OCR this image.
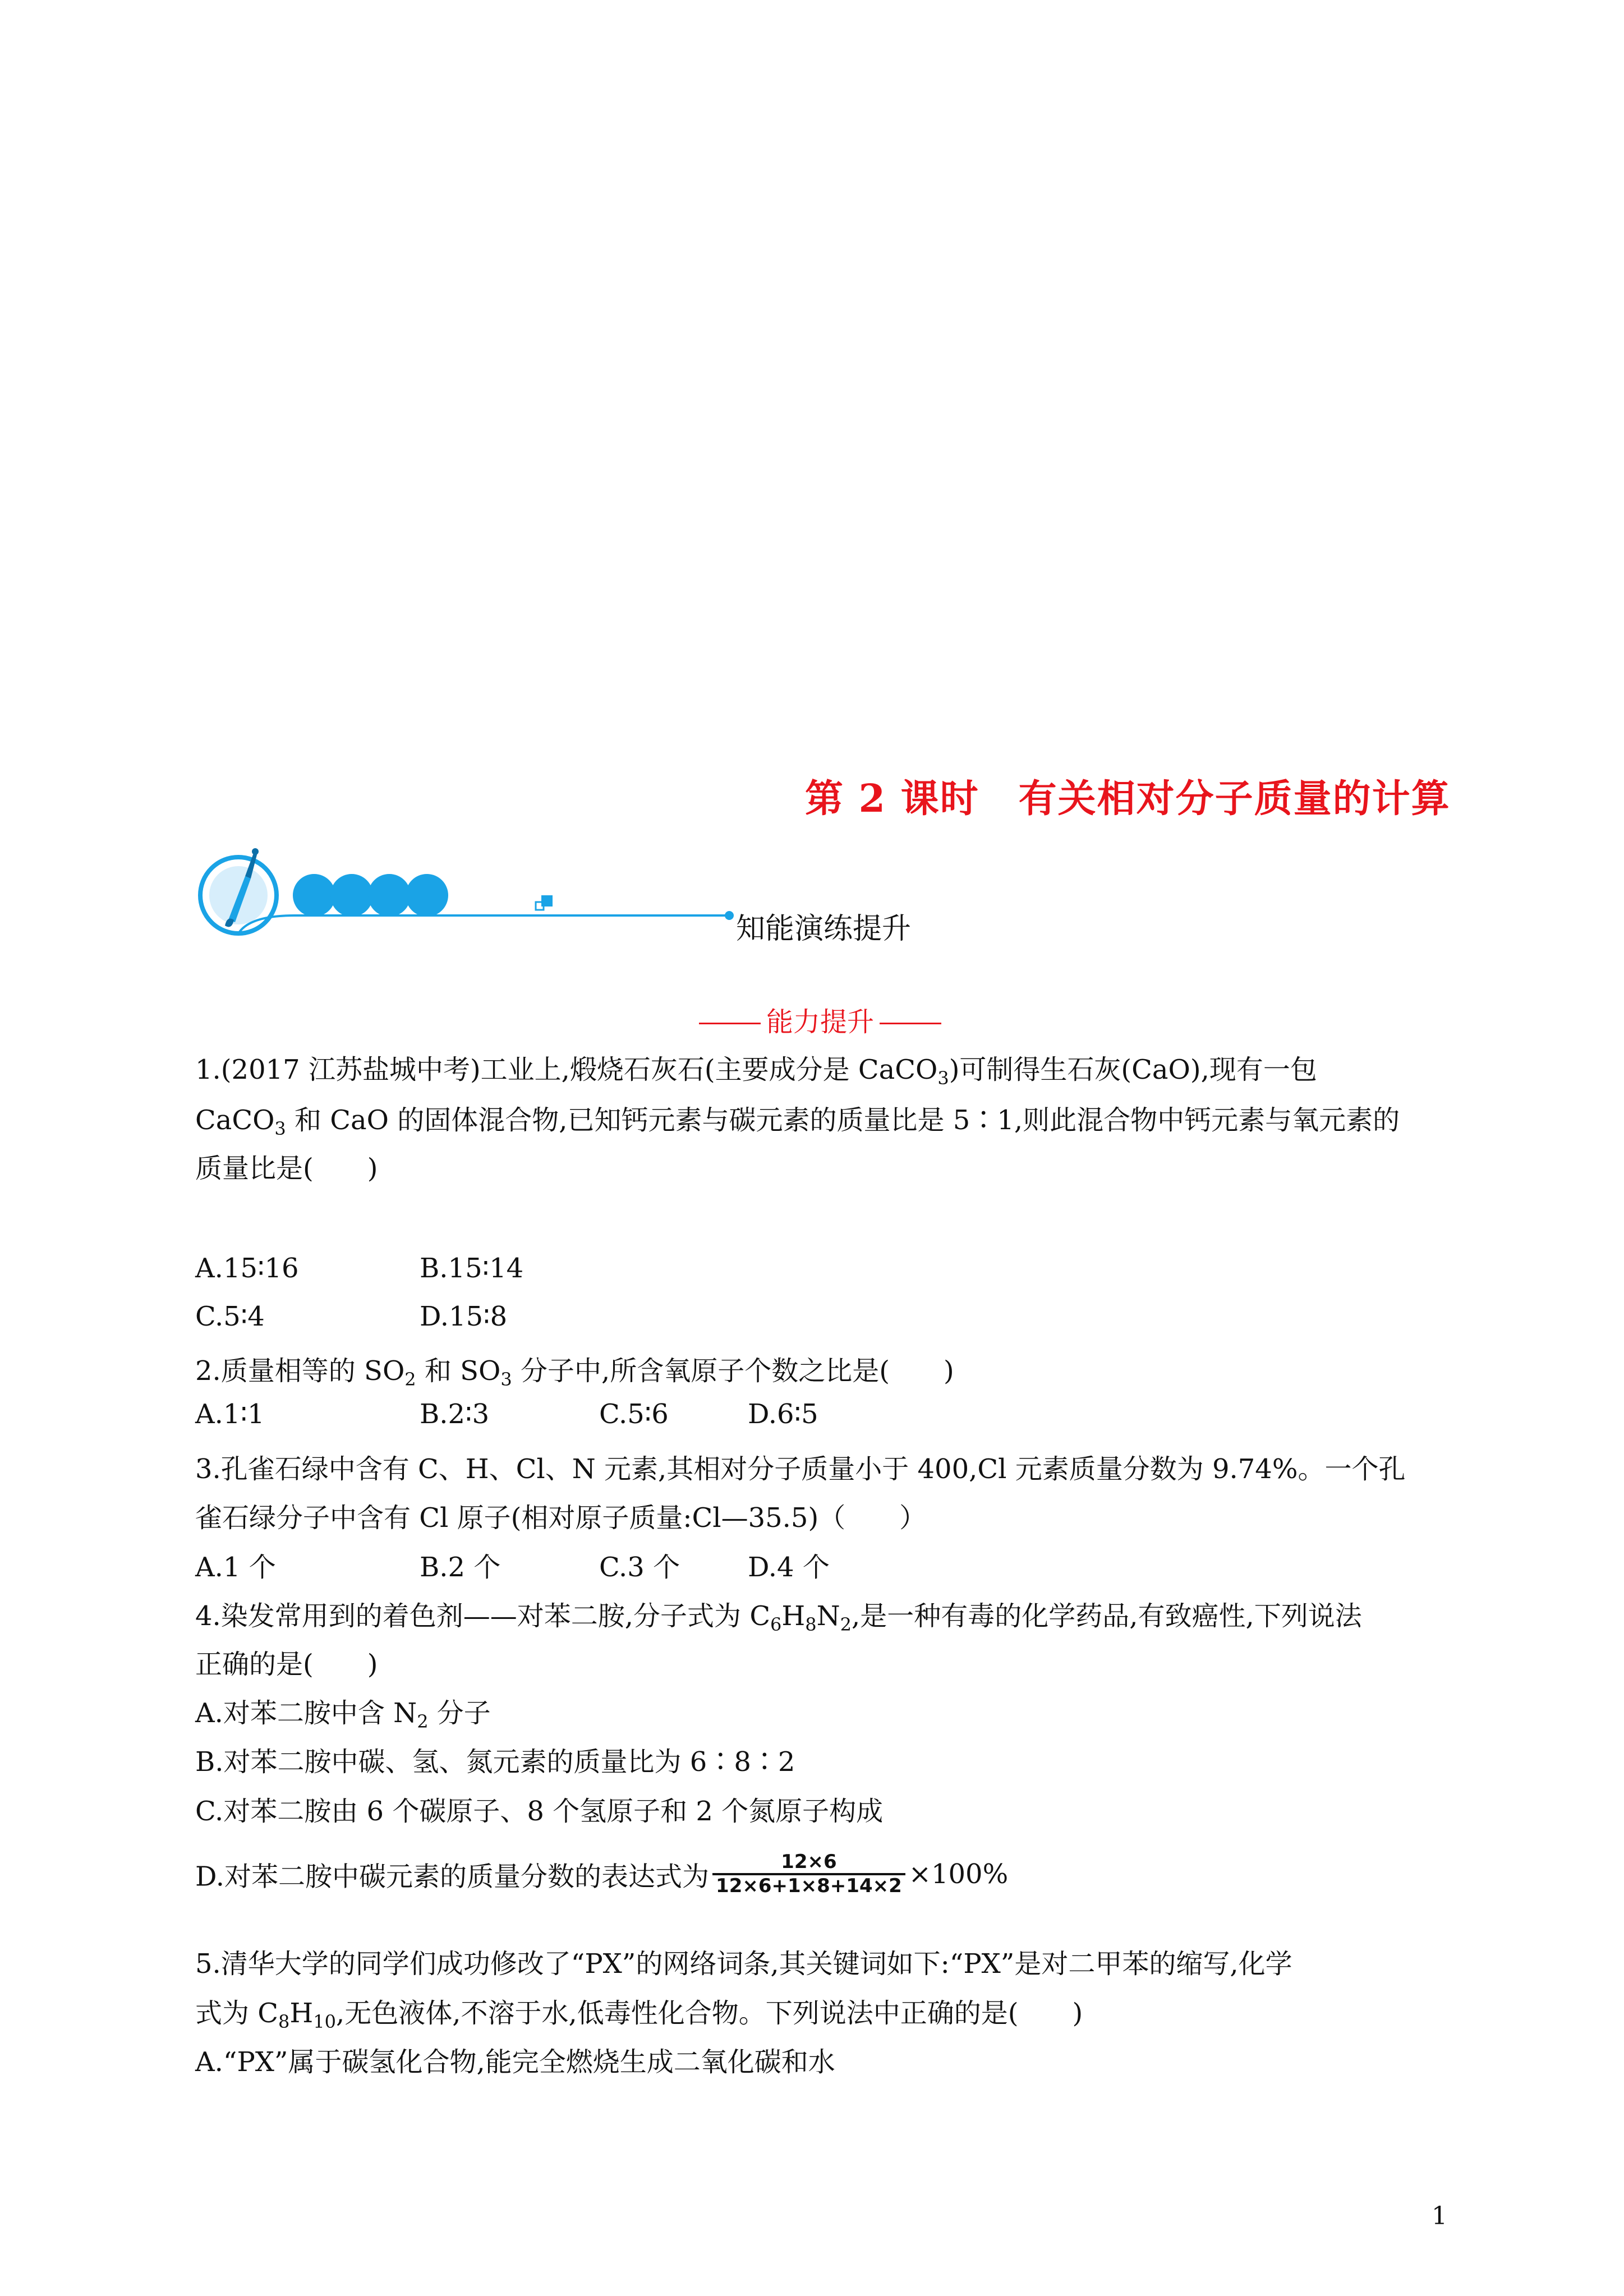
第 2 课时 有关相对分子质量的计算
知能演练提升
能力提升
1.(2017 江苏盐城中考)工业上,煅烧石灰石(主要成分是 CaCO$_3$)可制得生石灰(CaO),现有一包
CaCO$_3$ 和 CaO 的固体混合物,已知钙元素与碳元素的质量比是 5∶1,则此混合物中钙元素与氧元素的
质量比是(　　)
A.15∶16	B.15∶14
C.5∶4	D.15∶8
2.质量相等的 $SO_2$ 和 $SO_3$ 分子中,所含氧原子个数之比是(　　)
A.1∶1	B.2∶3	C.5∶6	D.6∶5
3.孔雀石绿中含有 C、H、Cl、N 元素,其相对分子质量小于 400,Cl 元素质量分数为 9.74%。一个孔
雀石绿分子中含有 Cl 原子(相对原子质量:Cl—35.5)（　　）
A.1 个	B.2 个	C.3 个	D.4 个
4.染发常用到的着色剂——对苯二胺,分子式为 $C_6H_8N_2$,是一种有毒的化学药品,有致癌性,下列说法
正确的是(　　)
A.对苯二胺中含 $N_2$ 分子
B.对苯二胺中碳、氢、氮元素的质量比为 6∶8∶2
C.对苯二胺由 6 个碳原子、8 个氢原子和 2 个氮原子构成
D.对苯二胺中碳元素的质量分数的表达式为 $\frac{12\times 6}{12\times 6+1\times 8+14\times 2} \times 100\%$
5.清华大学的同学们成功修改了“PX”的网络词条,其关键词如下:“PX”是对二甲苯的缩写,化学
式为 $C_8H_{10}$,无色液体,不溶于水,低毒性化合物。下列说法中正确的是(　　)
A.“PX”属于碳氢化合物,能完全燃烧生成二氧化碳和水
1
